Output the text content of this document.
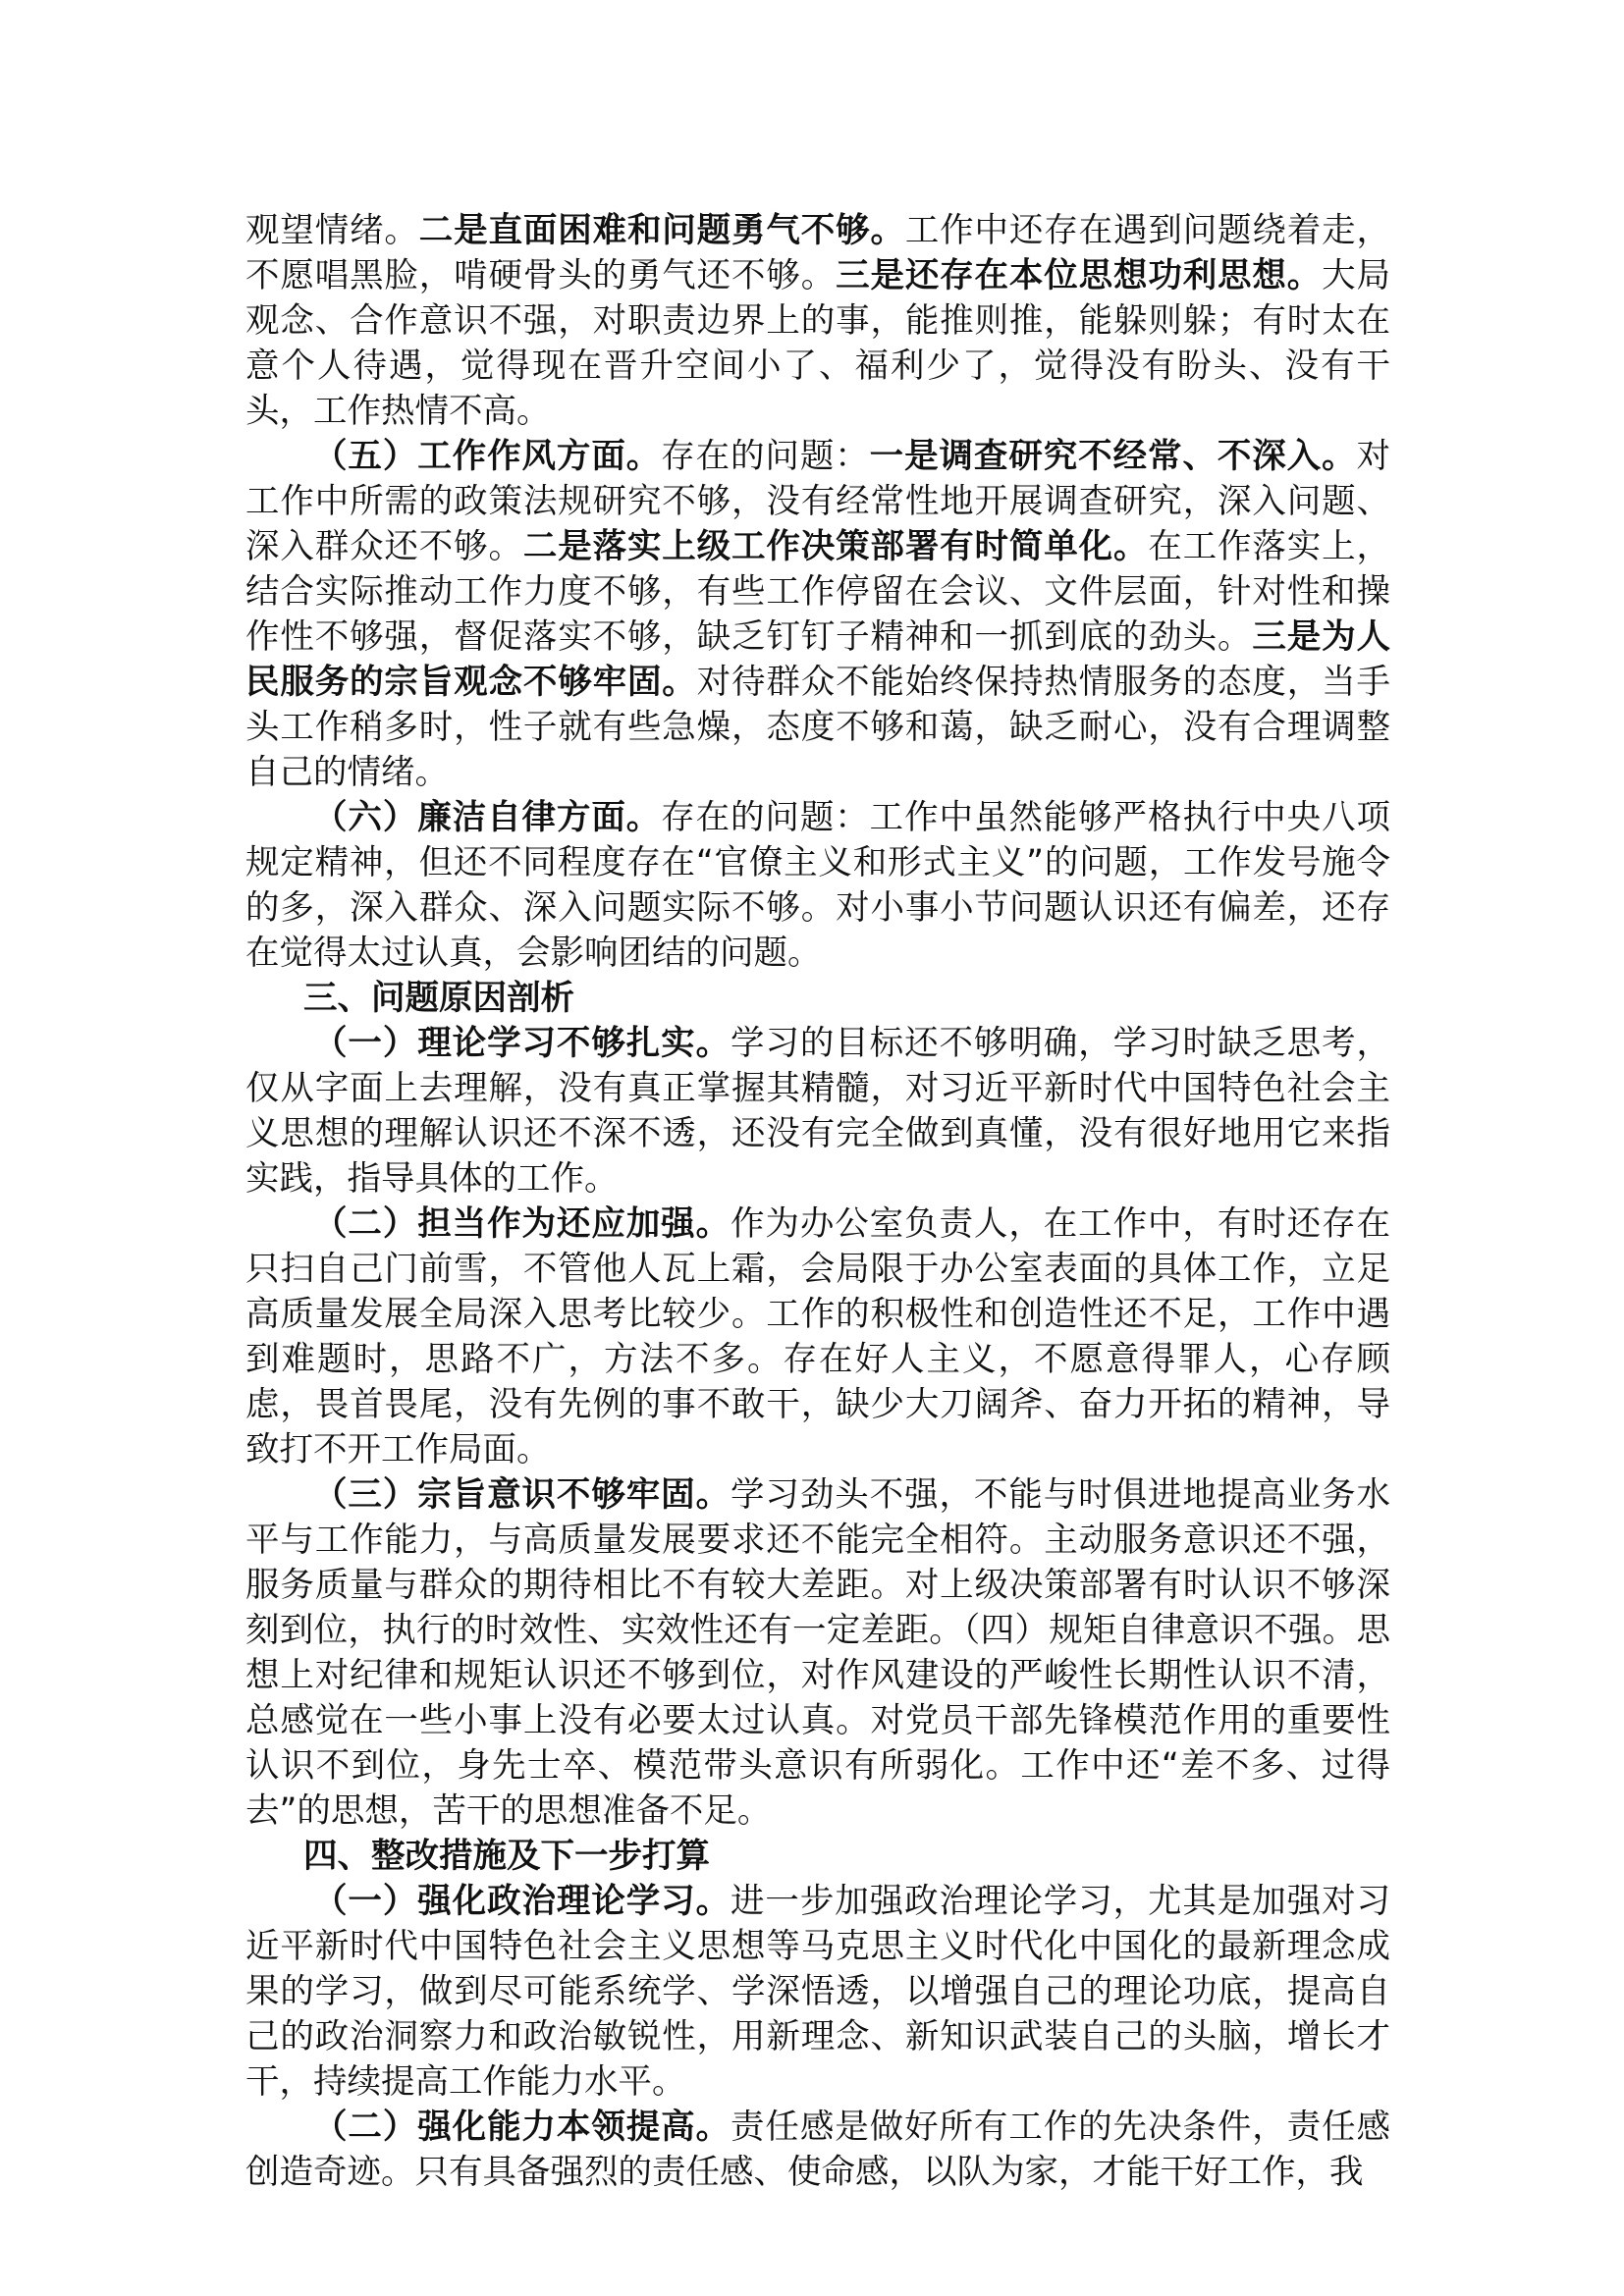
观望情绪。二是直面困难和问题勇气不够。工作中还存在遇到问题绕着走，不愿唱黑脸，啃硬骨头的勇气还不够。三是还存在本位思想功利思想。大局观念、合作意识不强，对职责边界上的事，能推则推，能躲则躲；有时太在意个人待遇，觉得现在晋升空间小了、福利少了，觉得没有盼头、没有干头，工作热情不高。

（五）工作作风方面。存在的问题：一是调查研究不经常、不深入。对工作中所需的政策法规研究不够，没有经常性地开展调查研究，深入问题、深入群众还不够。二是落实上级工作决策部署有时简单化。在工作落实上，结合实际推动工作力度不够，有些工作停留在会议、文件层面，针对性和操作性不够强，督促落实不够，缺乏钉钉子精神和一抓到底的劲头。三是为人民服务的宗旨观念不够牢固。对待群众不能始终保持热情服务的态度，当手头工作稍多时，性子就有些急燥，态度不够和蔼，缺乏耐心，没有合理调整自己的情绪。

（六）廉洁自律方面。存在的问题：工作中虽然能够严格执行中央八项规定精神，但还不同程度存在“官僚主义和形式主义”的问题，工作发号施令的多，深入群众、深入问题实际不够。对小事小节问题认识还有偏差，还存在觉得太过认真，会影响团结的问题。

三、问题原因剖析

（一）理论学习不够扎实。学习的目标还不够明确，学习时缺乏思考，仅从字面上去理解，没有真正掌握其精髓，对习近平新时代中国特色社会主义思想的理解认识还不深不透，还没有完全做到真懂，没有很好地用它来指实践，指导具体的工作。

（二）担当作为还应加强。作为办公室负责人，在工作中，有时还存在只扫自己门前雪，不管他人瓦上霜，会局限于办公室表面的具体工作，立足高质量发展全局深入思考比较少。工作的积极性和创造性还不足，工作中遇到难题时，思路不广，方法不多。存在好人主义，不愿意得罪人，心存顾虑，畏首畏尾，没有先例的事不敢干，缺少大刀阔斧、奋力开拓的精神，导致打不开工作局面。

（三）宗旨意识不够牢固。学习劲头不强，不能与时俱进地提高业务水平与工作能力，与高质量发展要求还不能完全相符。主动服务意识还不强，服务质量与群众的期待相比不有较大差距。对上级决策部署有时认识不够深刻到位，执行的时效性、实效性还有一定差距。（四）规矩自律意识不强。思想上对纪律和规矩认识还不够到位，对作风建设的严峻性长期性认识不清，总感觉在一些小事上没有必要太过认真。对党员干部先锋模范作用的重要性认识不到位，身先士卒、模范带头意识有所弱化。工作中还“差不多、过得去”的思想，苦干的思想准备不足。

四、整改措施及下一步打算

（一）强化政治理论学习。进一步加强政治理论学习，尤其是加强对习近平新时代中国特色社会主义思想等马克思主义时代化中国化的最新理念成果的学习，做到尽可能系统学、学深悟透，以增强自己的理论功底，提高自己的政治洞察力和政治敏锐性，用新理念、新知识武装自己的头脑，增长才干，持续提高工作能力水平。

（二）强化能力本领提高。责任感是做好所有工作的先决条件，责任感创造奇迹。只有具备强烈的责任感、使命感，以队为家，才能干好工作，我
